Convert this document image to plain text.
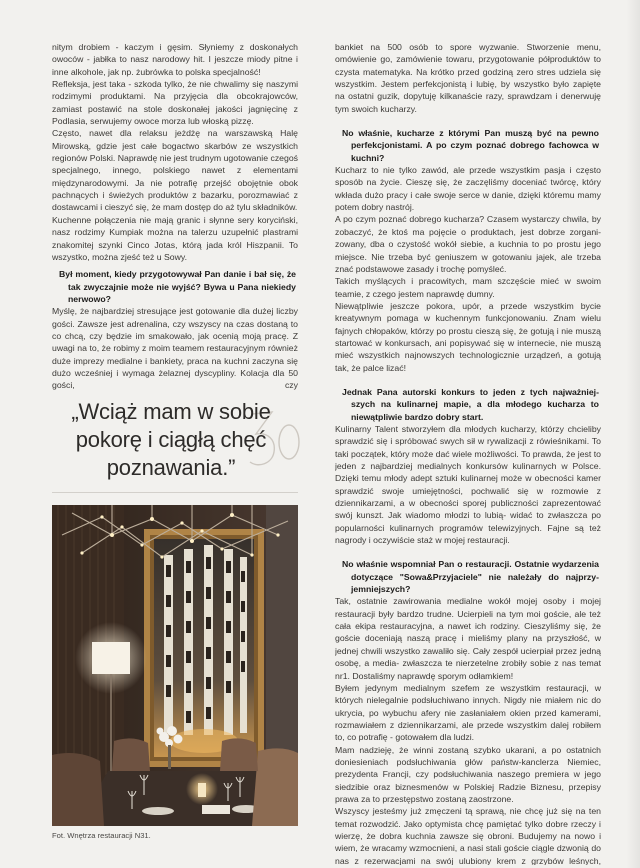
nitym drobiem - kaczym i gęsim. Słyniemy z doskonałych owoców - jabłka to nasz narodowy hit. I jeszcze miody pitne i inne alkohole, jak np. żubrówka to polska specjalność!

Refleksja, jest taka - szkoda tylko, że nie chwalimy się naszymi rodzimymi produktami. Na przyjęcia dla obcokrajowców, zamiast postawić na stole doskonałej jakości jagnięcinę z Podlasia, serwujemy owoce morza lub włoską pizzę.

Często, nawet dla relaksu jeżdżę na warszawską Halę Mirowską, gdzie jest całe bogactwo skarbów ze wszystkich regionów Polski. Naprawdę nie jest trudnym ugotowanie czegoś specjalnego, innego, polskiego nawet z elementami międzynarodowymi. Ja nie potrafię przejść obojętnie obok pachnących i świeżych produktów z bazarku, porozmawiać z dostawcami i cieszyć się, że mam dostęp do aż tylu składników.

Kuchenne połączenia nie mają granic i słynne sery koryciński, nasz rodzimy Kumpiak można na talerzu uzupełnić plastrami znakomitej szynki Cinco Jotas, którą jada król Hiszpanii. To wszystko, można zjeść też u Sowy.

Był moment, kiedy przygotowywał Pan danie i bał się, że tak zwyczajnie może nie wyjść? Bywa u Pana niekiedy nerwowo?

Myślę, że najbardziej stresujące jest gotowanie dla dużej liczby gości. Zawsze jest adrenalina, czy wszyscy na czas dostaną to co chcą, czy będzie im smakowało, jak ocenią moją pracę. Z uwagi na to, że robimy z moim teamem restauracyjnym również duże imprezy medialne i bankiety, praca na kuchni zaczyna się dużo wcześniej i wymaga żelaznej dyscypliny. Kolacja dla 50 gości, czy

„Wciąż mam w sobie
pokorę i ciągłą chęć
poznawania.”
Fot. Wnętrza restauracji N31.

bankiet na 500 osób to spore wyzwanie. Stworzenie menu, omówienie go, zamówienie towaru, przygotowanie półproduktów to czysta matematyka. Na krótko przed godziną zero stres udziela się wszystkim. Jestem perfekcjonistą i lubię, by wszystko było zapięte na ostatni guzik, dopytuję kilkanaście razy, sprawdzam i denerwuję tym swoich kucharzy.

No właśnie, kucharze z którymi Pan muszą być na pewno perfekcjonistami. A po czym poznać dobrego fachowca w kuchni?

Kucharz to nie tylko zawód, ale przede wszystkim pasja i często sposób na życie. Cieszę się, że zaczęliśmy doceniać twórcę, który wkłada dużo pracy i całe swoje serce w danie, dzięki któremu mamy potem dobry nastrój.

A po czym poznać dobrego kucharza? Czasem wystarczy chwila, by zobaczyć, że ktoś ma pojęcie o produktach, jest dobrze zorganizowany, dba o czystość wokół siebie, a kuchnia to po prostu jego miejsce. Nie trzeba być geniuszem w gotowaniu jajek, ale trzeba znać podstawowe zasady i trochę pomyśleć.

Takich myślących i pracowitych, mam szczęście mieć w swoim teamie, z czego jestem naprawdę dumny.

Niewątpliwie jeszcze pokora, upór, a przede wszystkim bycie kreatywnym pomaga w kuchennym funkcjonowaniu. Znam wielu fajnych chłopaków, którzy po prostu cieszą się, że gotują i nie muszą startować w konkursach, ani popisywać się w internecie, nie muszą mieć wszystkich najnowszych technologicznie urządzeń, a gotują tak, że palce lizać!

Jednak Pana autorski konkurs to jeden z tych najważniejszych na kulinarnej mapie, a dla młodego kucharza to niewątpliwie bardzo dobry start.

Kulinarny Talent stworzyłem dla młodych kucharzy, którzy chcieliby sprawdzić się i spróbować swych sił w rywalizacji z rówieśnikami. To taki początek, który może dać wiele możliwości. To prawda, że jest to jeden z najbardziej medialnych konkursów kulinarnych w Polsce. Dzięki temu młody adept sztuki kulinarnej może w obecności kamer sprawdzić swoje umiejętności, pochwalić się w rozmowie z dziennikarzami, a w obecności sporej publiczności zaprezentować swój kunszt. Jak wiadomo młodzi to lubią- widać to zwłaszcza po popularności kulinarnych programów telewizyjnych. Fajne są też nagrody i oczywiście staż w mojej restauracji.

No właśnie wspomniał Pan o restauracji. Ostatnie wydarzenia dotyczące "Sowa&Przyjaciele" nie należały do najprzyjemniejszych?

Tak, ostatnie zawirowania medialne wokół mojej osoby i mojej restauracji były bardzo trudne. Ucierpieli na tym moi goście, ale też cała ekipa restauracyjna, a nawet ich rodziny. Cieszyliśmy się, że goście doceniają naszą pracę i mieliśmy plany na przyszłość, w jednej chwili wszystko zawaliło się. Cały zespół ucierpiał przez jedną osobę, a media- zwłaszcza te nierzetelne zrobiły sobie z nas temat nr1. Dostaliśmy naprawdę sporym odłamkiem!

Byłem jedynym medialnym szefem ze wszystkim restauracji, w których nielegalnie podsłuchiwano innych. Nigdy nie miałem nic do ukrycia, po wybuchu afery nie zasłaniałem okien przed kamerami, rozmawiałem z dziennikarzami, ale przede wszystkim dalej robiłem to, co potrafię - gotowałem dla ludzi.

Mam nadzieję, że winni zostaną szybko ukarani, a po ostatnich doniesieniach podsłuchiwania głów państw-kanclerza Niemiec, prezydenta Francji, czy podsłuchiwania naszego premiera w jego siedzibie oraz biznesmenów w Polskiej Radzie Biznesu, przepisy prawa za to przestępstwo zostaną zaostrzone.

Wszyscy jesteśmy już zmęczeni tą sprawą, nie chcę już się na ten temat rozwodzić. Jako optymista chcę pamiętać tylko dobre rzeczy i wierzę, że dobra kuchnia zawsze się obroni. Budujemy na nowo i wiem, że wracamy wzmocnieni, a nasi stali goście ciągle dzwonią do nas z rezerwacjami na swój ulubiony krem z grzybów leśnych,
